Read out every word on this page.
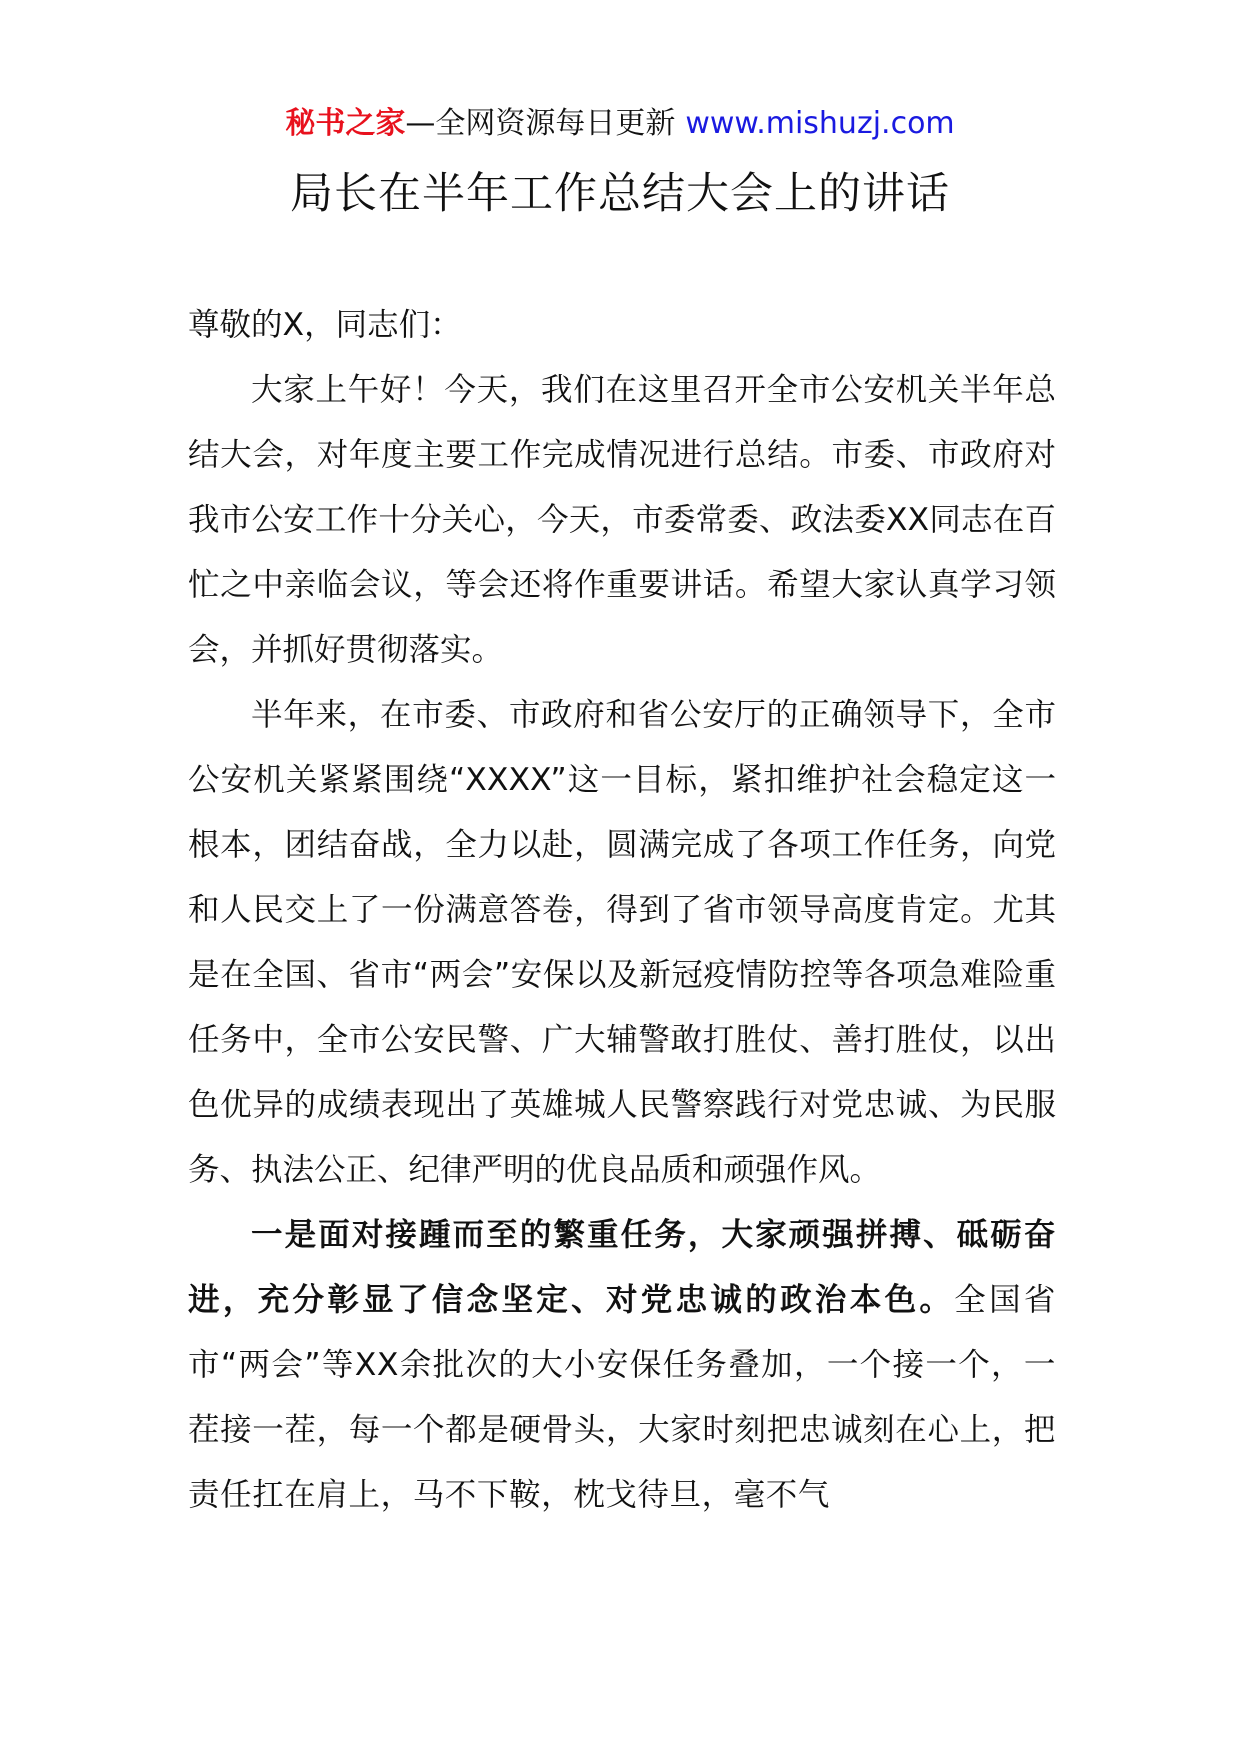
秘书之家—全网资源每日更新 www.mishuzj.com
局长在半年工作总结大会上的讲话

尊敬的X，同志们：

大家上午好！今天，我们在这里召开全市公安机关半年总结大会，对年度主要工作完成情况进行总结。市委、市政府对我市公安工作十分关心，今天，市委常委、政法委XX同志在百忙之中亲临会议，等会还将作重要讲话。希望大家认真学习领会，并抓好贯彻落实。

半年来，在市委、市政府和省公安厅的正确领导下，全市公安机关紧紧围绕“XXXX”这一目标，紧扣维护社会稳定这一根本，团结奋战，全力以赴，圆满完成了各项工作任务，向党和人民交上了一份满意答卷，得到了省市领导高度肯定。尤其是在全国、省市“两会”安保以及新冠疫情防控等各项急难险重任务中，全市公安民警、广大辅警敢打胜仗、善打胜仗，以出色优异的成绩表现出了英雄城人民警察践行对党忠诚、为民服务、执法公正、纪律严明的优良品质和顽强作风。

一是面对接踵而至的繁重任务，大家顽强拼搏、砥砺奋进，充分彰显了信念坚定、对党忠诚的政治本色。全国省市“两会”等XX余批次的大小安保任务叠加，一个接一个，一茬接一茬，每一个都是硬骨头，大家时刻把忠诚刻在心上，把责任扛在肩上，马不下鞍，枕戈待旦，毫不气
